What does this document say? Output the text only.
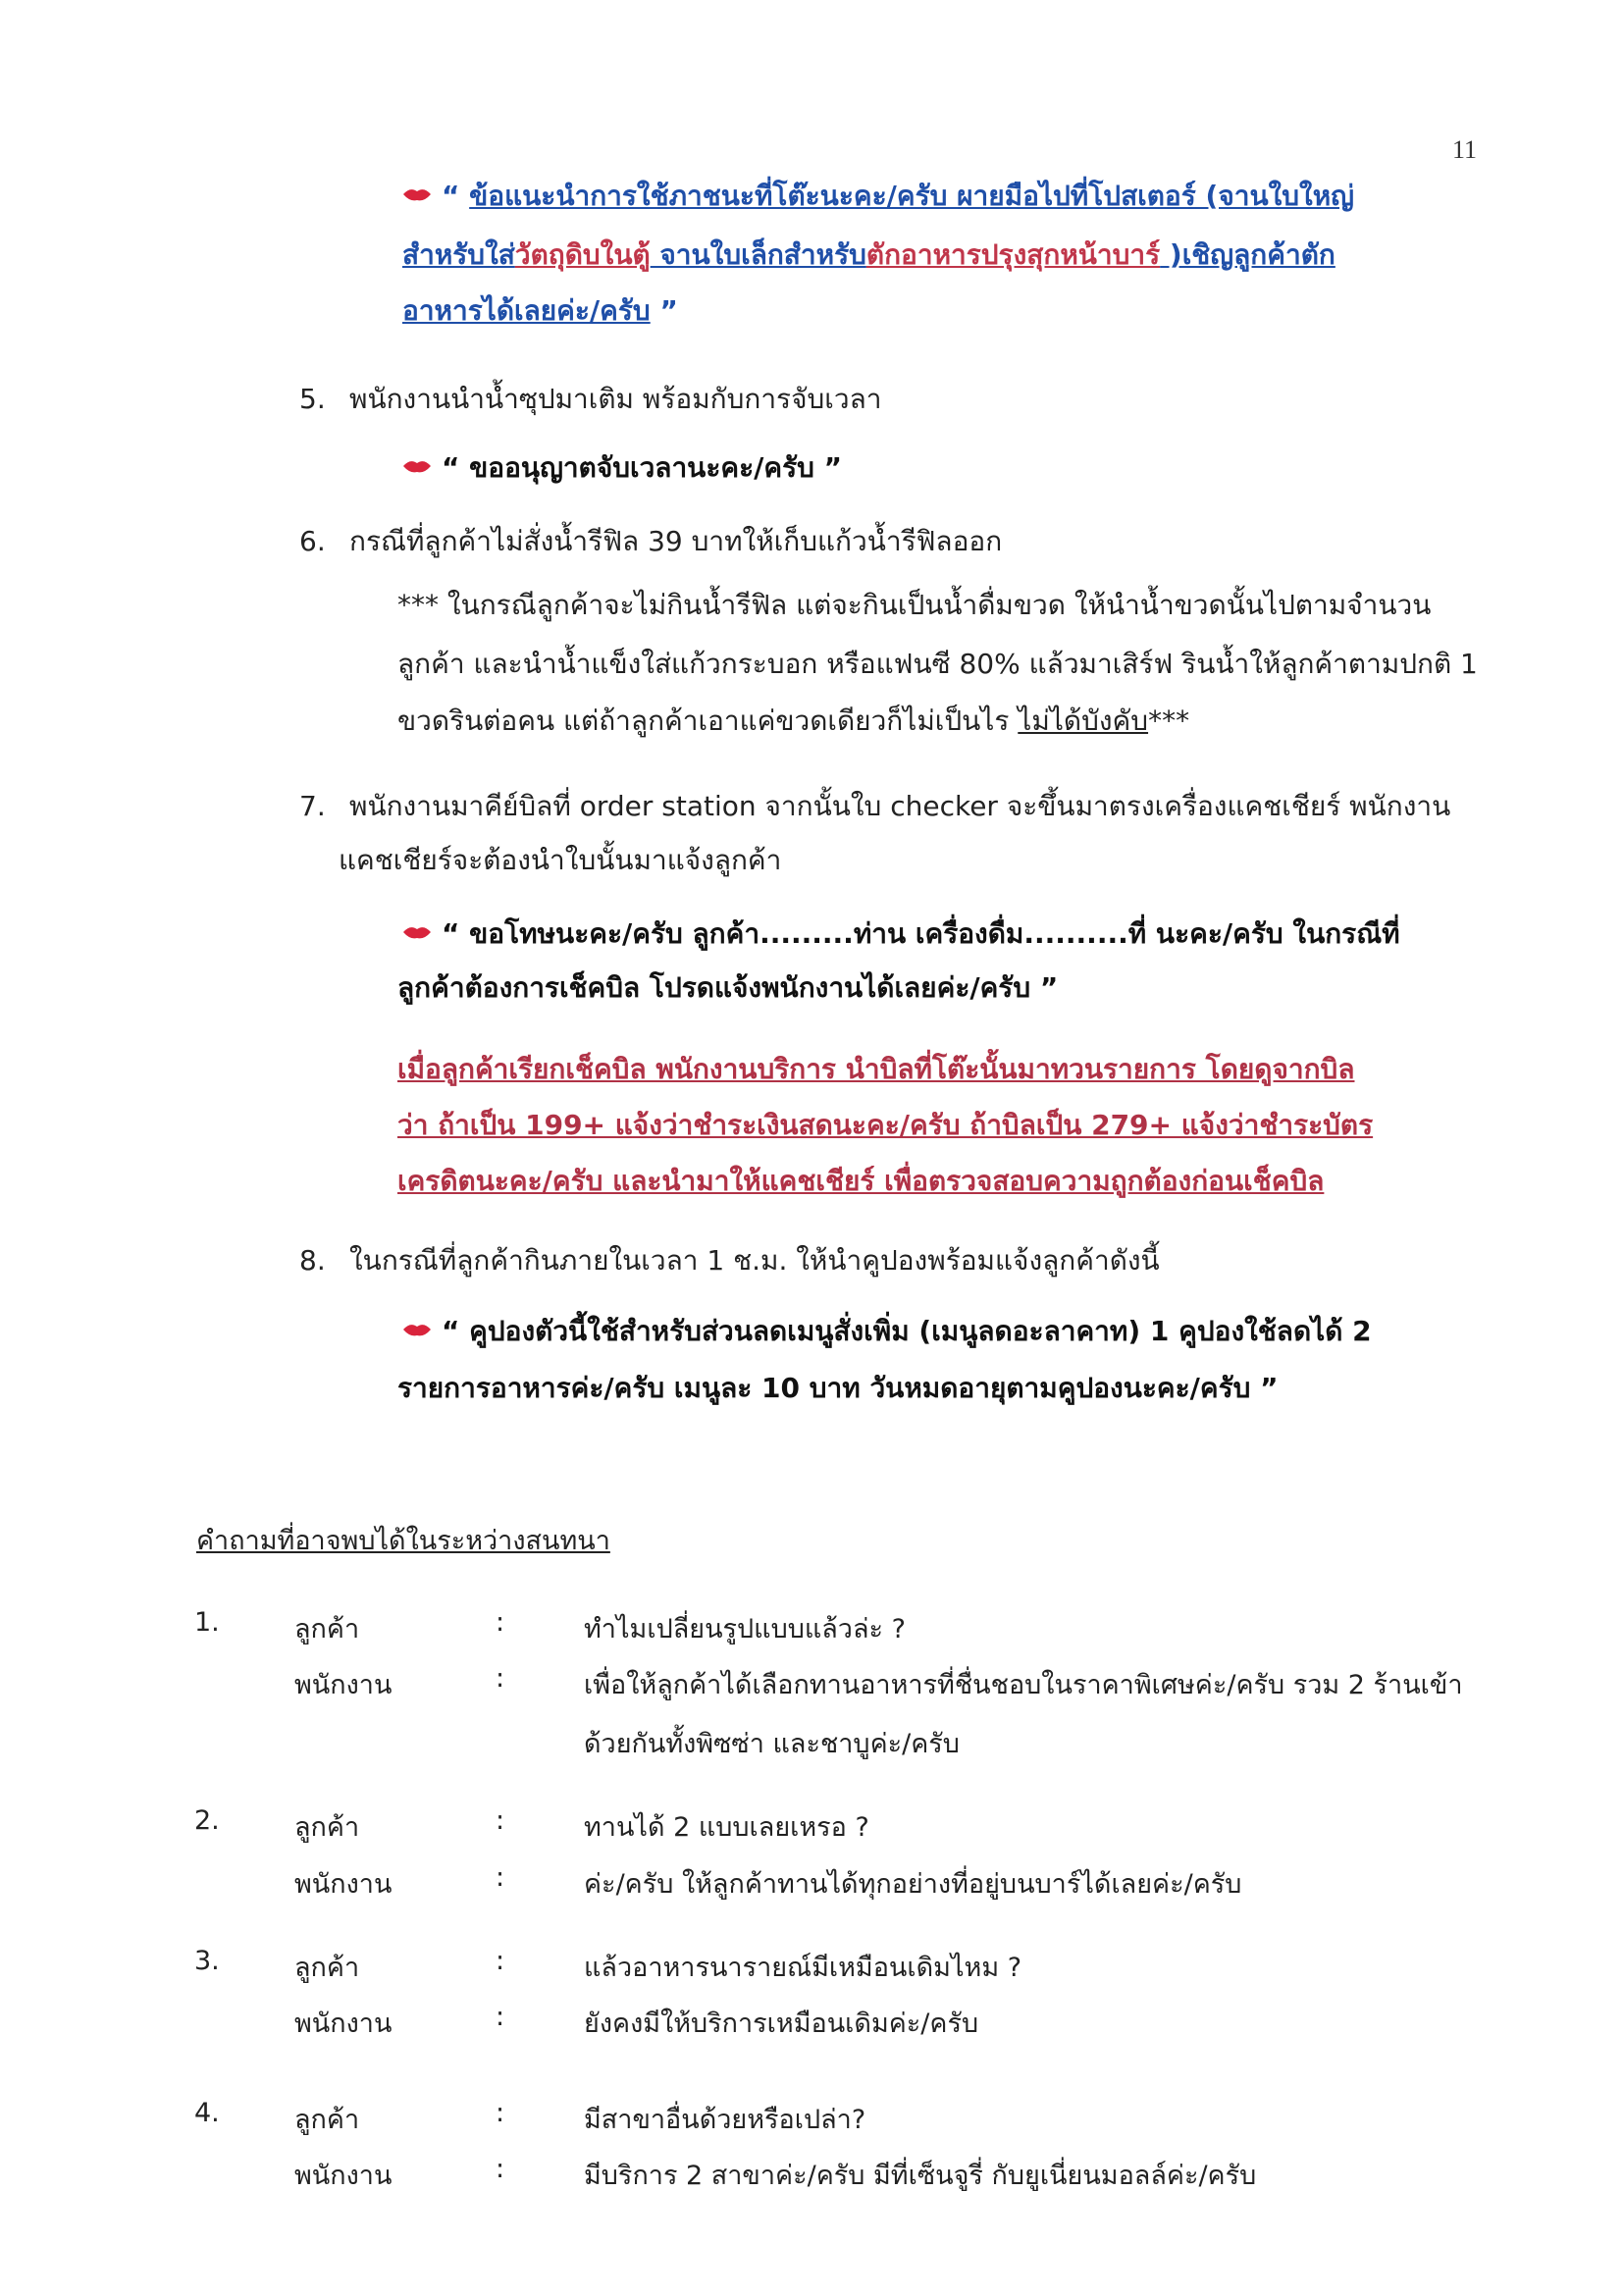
11
“ ข้อแนะนำการใช้ภาชนะที่โต๊ะนะคะ/ครับ ผายมือไปที่โปสเตอร์ (จานใบใหญ่
สำหรับใส่วัตถุดิบในตู้ จานใบเล็กสำหรับตักอาหารปรุงสุกหน้าบาร์ )เชิญลูกค้าตัก
อาหารได้เลยค่ะ/ครับ ”
5. พนักงานนำน้ำซุปมาเติม พร้อมกับการจับเวลา
“ ขออนุญาตจับเวลานะคะ/ครับ ”
6. กรณีที่ลูกค้าไม่สั่งน้ำรีฟิล 39 บาทให้เก็บแก้วน้ำรีฟิลออก
*** ในกรณีลูกค้าจะไม่กินน้ำรีฟิล แต่จะกินเป็นน้ำดื่มขวด ให้นำน้ำขวดนั้นไปตามจำนวน
ลูกค้า และนำน้ำแข็งใส่แก้วกระบอก หรือแฟนซี 80% แล้วมาเสิร์ฟ รินน้ำให้ลูกค้าตามปกติ 1
ขวดรินต่อคน แต่ถ้าลูกค้าเอาแค่ขวดเดียวก็ไม่เป็นไร ไม่ได้บังคับ***
7. พนักงานมาคีย์บิลที่ order station จากนั้นใบ checker จะขึ้นมาตรงเครื่องแคชเชียร์ พนักงาน
แคชเชียร์จะต้องนำใบนั้นมาแจ้งลูกค้า
“ ขอโทษนะคะ/ครับ ลูกค้า.........ท่าน เครื่องดื่ม..........ที่ นะคะ/ครับ ในกรณีที่
ลูกค้าต้องการเช็คบิล โปรดแจ้งพนักงานได้เลยค่ะ/ครับ ”
เมื่อลูกค้าเรียกเช็คบิล พนักงานบริการ นำบิลที่โต๊ะนั้นมาทวนรายการ โดยดูจากบิล
ว่า ถ้าเป็น 199+ แจ้งว่าชำระเงินสดนะคะ/ครับ ถ้าบิลเป็น 279+ แจ้งว่าชำระบัตร
เครดิตนะคะ/ครับ และนำมาให้แคชเชียร์ เพื่อตรวจสอบความถูกต้องก่อนเช็คบิล
8. ในกรณีที่ลูกค้ากินภายในเวลา 1 ช.ม. ให้นำคูปองพร้อมแจ้งลูกค้าดังนี้
“ คูปองตัวนี้ใช้สำหรับส่วนลดเมนูสั่งเพิ่ม (เมนูลดอะลาคาท) 1 คูปองใช้ลดได้ 2
รายการอาหารค่ะ/ครับ เมนูละ 10 บาท วันหมดอายุตามคูปองนะคะ/ครับ ”
คำถามที่อาจพบได้ในระหว่างสนทนา
1.	ลูกค้า	:	ทำไมเปลี่ยนรูปแบบแล้วล่ะ ?
พนักงาน	:	เพื่อให้ลูกค้าได้เลือกทานอาหารที่ชื่นชอบในราคาพิเศษค่ะ/ครับ รวม 2 ร้านเข้า
ด้วยกันทั้งพิซซ่า และชาบูค่ะ/ครับ
2.	ลูกค้า	:	ทานได้ 2 แบบเลยเหรอ ?
พนักงาน	:	ค่ะ/ครับ ให้ลูกค้าทานได้ทุกอย่างที่อยู่บนบาร์ได้เลยค่ะ/ครับ
3.	ลูกค้า	:	แล้วอาหารนารายณ์มีเหมือนเดิมไหม ?
พนักงาน	:	ยังคงมีให้บริการเหมือนเดิมค่ะ/ครับ
4.	ลูกค้า	:	มีสาขาอื่นด้วยหรือเปล่า?
พนักงาน	:	มีบริการ 2 สาขาค่ะ/ครับ มีที่เซ็นจูรี่ กับยูเนี่ยนมอลล์ค่ะ/ครับ
